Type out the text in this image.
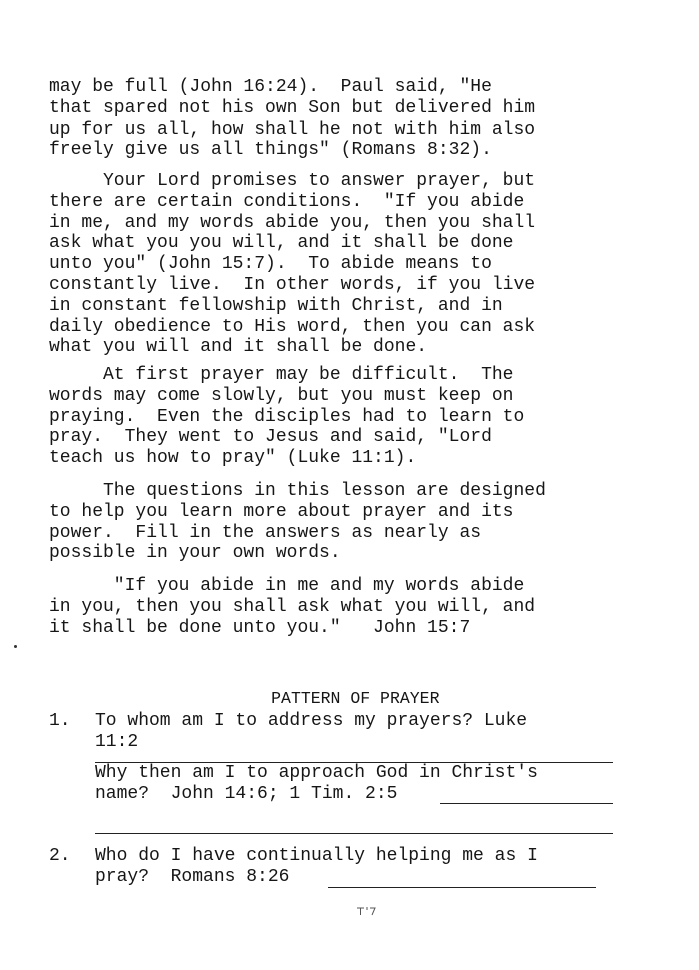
may be full (John 16:24).  Paul said, "He
that spared not his own Son but delivered him
up for us all, how shall he not with him also
freely give us all things" (Romans 8:32).
Your Lord promises to answer prayer, but
there are certain conditions.  "If you abide
in me, and my words abide you, then you shall
ask what you you will, and it shall be done
unto you" (John 15:7).  To abide means to
constantly live.  In other words, if you live
in constant fellowship with Christ, and in
daily obedience to His word, then you can ask
what you will and it shall be done.
At first prayer may be difficult.  The
words may come slowly, but you must keep on
praying.  Even the disciples had to learn to
pray.  They went to Jesus and said, "Lord
teach us how to pray" (Luke 11:1).
The questions in this lesson are designed
to help you learn more about prayer and its
power.  Fill in the answers as nearly as
possible in your own words.
"If you abide in me and my words abide
in you, then you shall ask what you will, and
it shall be done unto you."   John 15:7

PATTERN OF PRAYER

1. To whom am I to address my prayers? Luke
11:2
Why then am I to approach God in Christ's
name?  John 14:6; 1 Tim. 2:5
2. Who do I have continually helping me as I
pray?  Romans 8:26
